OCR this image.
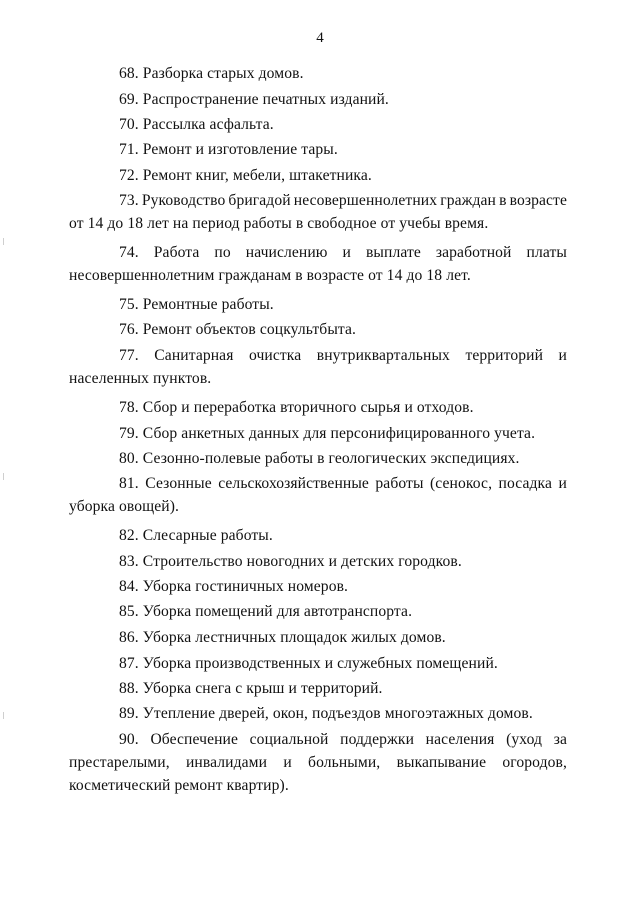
4
68. Разборка старых домов.
69. Распространение печатных изданий.
70. Рассылка асфальта.
71. Ремонт и изготовление тары.
72. Ремонт книг, мебели, штакетника.
73. Руководство бригадой несовершеннолетних граждан в возрасте
от 14 до 18 лет на период работы в свободное от учебы время.
74. Работа по начислению и выплате заработной платы
несовершеннолетним гражданам в возрасте от 14 до 18 лет.
75. Ремонтные работы.
76. Ремонт объектов соцкультбыта.
77. Санитарная очистка внутриквартальных территорий и
населенных пунктов.
78. Сбор и переработка вторичного сырья и отходов.
79. Сбор анкетных данных для персонифицированного учета.
80. Сезонно-полевые работы в геологических экспедициях.
81. Сезонные сельскохозяйственные работы (сенокос, посадка и
уборка овощей).
82. Слесарные работы.
83. Строительство новогодних и детских городков.
84. Уборка гостиничных номеров.
85. Уборка помещений для автотранспорта.
86. Уборка лестничных площадок жилых домов.
87. Уборка производственных и служебных помещений.
88. Уборка снега с крыш и территорий.
89. Утепление дверей, окон, подъездов многоэтажных домов.
90. Обеспечение социальной поддержки населения (уход за
престарелыми, инвалидами и больными, выкапывание огородов,
косметический ремонт квартир).
